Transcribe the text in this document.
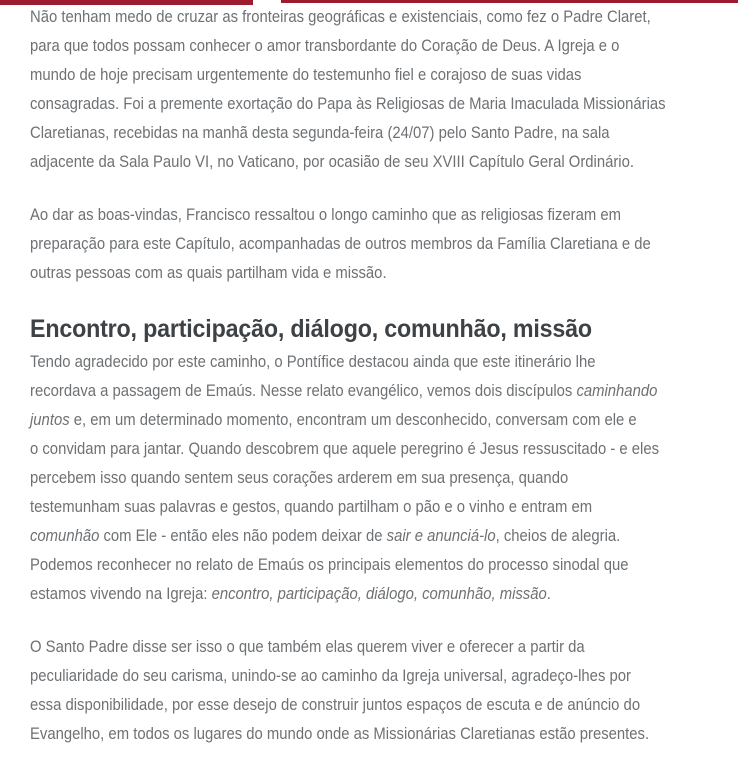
Não tenham medo de cruzar as fronteiras geográficas e existenciais, como fez o Padre Claret,
para que todos possam conhecer o amor transbordante do Coração de Deus. A Igreja e o
mundo de hoje precisam urgentemente do testemunho fiel e corajoso de suas vidas
consagradas. Foi a premente exortação do Papa às Religiosas de Maria Imaculada Missionárias
Claretianas, recebidas na manhã desta segunda-feira (24/07) pelo Santo Padre, na sala
adjacente da Sala Paulo VI, no Vaticano, por ocasião de seu XVIII Capítulo Geral Ordinário.
Ao dar as boas-vindas, Francisco ressaltou o longo caminho que as religiosas fizeram em
preparação para este Capítulo, acompanhadas de outros membros da Família Claretiana e de
outras pessoas com as quais partilham vida e missão.
Encontro, participação, diálogo, comunhão, missão
Tendo agradecido por este caminho, o Pontífice destacou ainda que este itinerário lhe
recordava a passagem de Emaús. Nesse relato evangélico, vemos dois discípulos caminhando
juntos e, em um determinado momento, encontram um desconhecido, conversam com ele e
o convidam para jantar. Quando descobrem que aquele peregrino é Jesus ressuscitado - e eles
percebem isso quando sentem seus corações arderem em sua presença, quando
testemunham suas palavras e gestos, quando partilham o pão e o vinho e entram em
comunhão com Ele - então eles não podem deixar de sair e anunciá-lo, cheios de alegria.
Podemos reconhecer no relato de Emaús os principais elementos do processo sinodal que
estamos vivendo na Igreja: encontro, participação, diálogo, comunhão, missão.
O Santo Padre disse ser isso o que também elas querem viver e oferecer a partir da
peculiaridade do seu carisma, unindo-se ao caminho da Igreja universal, agradeço-lhes por
essa disponibilidade, por esse desejo de construir juntos espaços de escuta e de anúncio do
Evangelho, em todos os lugares do mundo onde as Missionárias Claretianas estão presentes.
